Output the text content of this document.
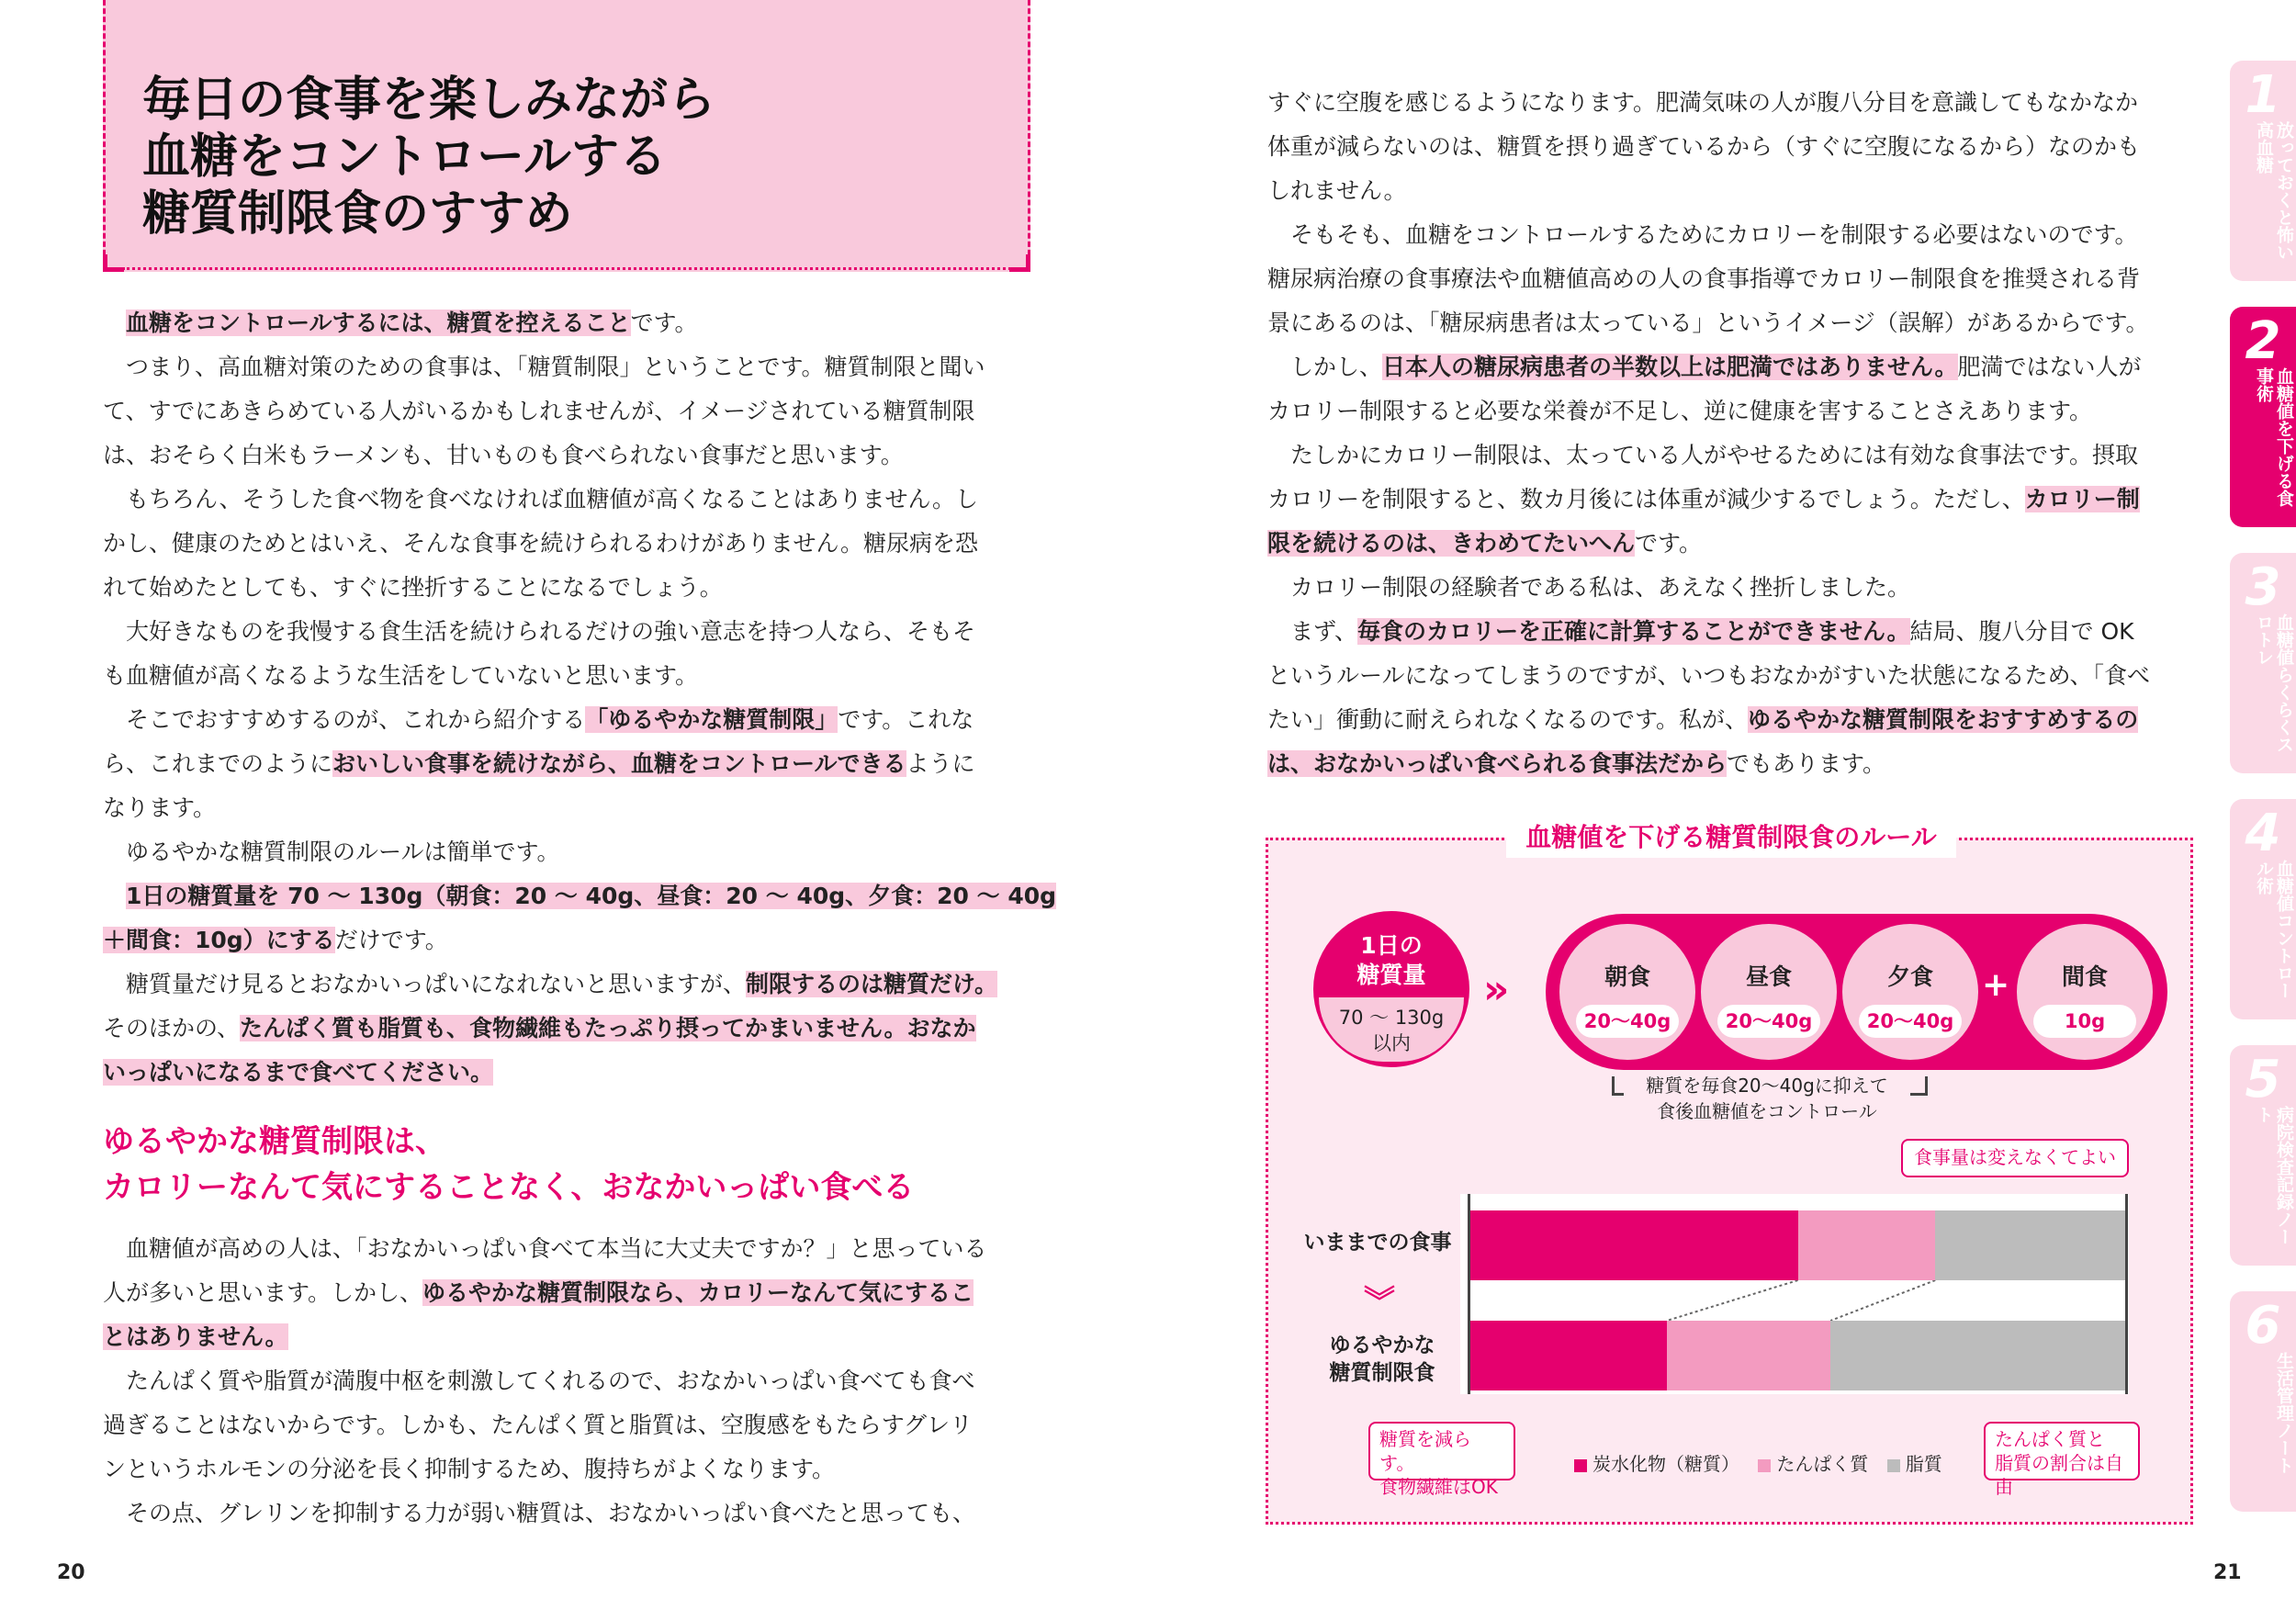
毎日の食事を楽しみながら
血糖をコントロールする
糖質制限食のすすめ

血糖をコントロールするには、糖質を控えることです。

つまり、高血糖対策のための食事は、「糖質制限」ということです。糖質制限と聞い

て、すでにあきらめている人がいるかもしれませんが、イメージされている糖質制限

は、おそらく白米もラーメンも、甘いものも食べられない食事だと思います。

もちろん、そうした食べ物を食べなければ血糖値が高くなることはありません。し

かし、健康のためとはいえ、そんな食事を続けられるわけがありません。糖尿病を恐

れて始めたとしても、すぐに挫折することになるでしょう。

大好きなものを我慢する食生活を続けられるだけの強い意志を持つ人なら、そもそ

も血糖値が高くなるような生活をしていないと思います。

そこでおすすめするのが、これから紹介する「ゆるやかな糖質制限」です。これな

ら、これまでのようにおいしい食事を続けながら、血糖をコントロールできるように

なります。

ゆるやかな糖質制限のルールは簡単です。

1日の糖質量を 70 〜 130g（朝食：20 〜 40g、昼食：20 〜 40g、夕食：20 〜 40g

＋間食：10g）にするだけです。

糖質量だけ見るとおなかいっぱいになれないと思いますが、制限するのは糖質だけ。

そのほかの、たんぱく質も脂質も、食物繊維もたっぷり摂ってかまいません。おなか

いっぱいになるまで食べてください。

ゆるやかな糖質制限は、
カロリーなんて気にすることなく、おなかいっぱい食べる

血糖値が高めの人は、「おなかいっぱい食べて本当に大丈夫ですか？」と思っている

人が多いと思います。しかし、ゆるやかな糖質制限なら、カロリーなんて気にするこ

とはありません。

たんぱく質や脂質が満腹中枢を刺激してくれるので、おなかいっぱい食べても食べ

過ぎることはないからです。しかも、たんぱく質と脂質は、空腹感をもたらすグレリ

ンというホルモンの分泌を長く抑制するため、腹持ちがよくなります。

その点、グレリンを抑制する力が弱い糖質は、おなかいっぱい食べたと思っても、

すぐに空腹を感じるようになります。肥満気味の人が腹八分目を意識してもなかなか

体重が減らないのは、糖質を摂り過ぎているから（すぐに空腹になるから）なのかも

しれません。

そもそも、血糖をコントロールするためにカロリーを制限する必要はないのです。

糖尿病治療の食事療法や血糖値高めの人の食事指導でカロリー制限食を推奨される背

景にあるのは、「糖尿病患者は太っている」というイメージ（誤解）があるからです。

しかし、日本人の糖尿病患者の半数以上は肥満ではありません。肥満ではない人が

カロリー制限すると必要な栄養が不足し、逆に健康を害することさえあります。

たしかにカロリー制限は、太っている人がやせるためには有効な食事法です。摂取

カロリーを制限すると、数カ月後には体重が減少するでしょう。ただし、カロリー制

限を続けるのは、きわめてたいへんです。

カロリー制限の経験者である私は、あえなく挫折しました。

まず、毎食のカロリーを正確に計算することができません。結局、腹八分目で OK

というルールになってしまうのですが、いつもおなかがすいた状態になるため、「食べ

たい」衝動に耐えられなくなるのです。私が、ゆるやかな糖質制限をおすすめするの

は、おなかいっぱい食べられる食事法だからでもあります。

血糖値を下げる糖質制限食のルール
1日の
糖質量
70 〜 130g
以内
»	朝食
20〜40g
昼食
20〜40g
夕食
20〜40g
+	間食
10g
糖質を毎食20〜40gに抑えて
食後血糖値をコントロール
食事量は変えなくてよい
いままでの食事
︾
ゆるやかな
糖質制限食
糖質を減らす。
食物繊維はOK
たんぱく質と
脂質の割合は自由
炭水化物（糖質） たんぱく質 脂質
20	21
1
放っておくと怖い高血糖
2
血糖値を下げる食事術
3
血糖値らくらくスロトレ
4
血糖値コントロール術
5
病院検査記録ノート
6
生活管理ノート
